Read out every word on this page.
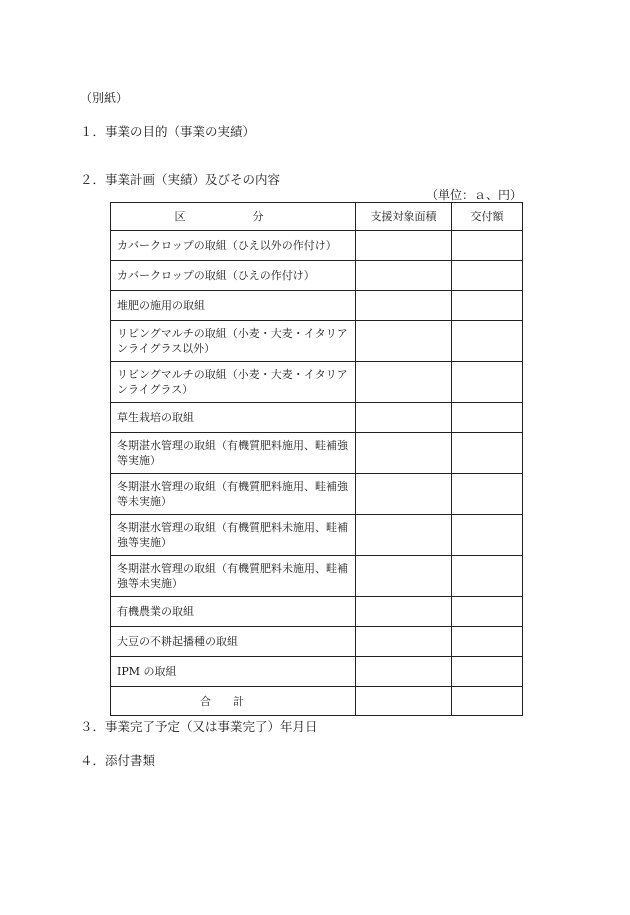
（別紙）

１．事業の目的（事業の実績）

２．事業計画（実績）及びその内容

（単位：ａ、円）

区　分	支援対象面積	交付額
カバークロップの取組（ひえ以外の作付け）		
カバークロップの取組（ひえの作付け）		
堆肥の施用の取組		
リビングマルチの取組（小麦・大麦・イタリアンライグラス以外）		
リビングマルチの取組（小麦・大麦・イタリアンライグラス）		
草生栽培の取組		
冬期湛水管理の取組（有機質肥料施用、畦補強等実施）		
冬期湛水管理の取組（有機質肥料施用、畦補強等未実施）		
冬期湛水管理の取組（有機質肥料未施用、畦補強等実施）		
冬期湛水管理の取組（有機質肥料未施用、畦補強等未実施）		
有機農業の取組		
大豆の不耕起播種の取組		
IPM の取組		
合計		

３．事業完了予定（又は事業完了）年月日

４．添付書類
